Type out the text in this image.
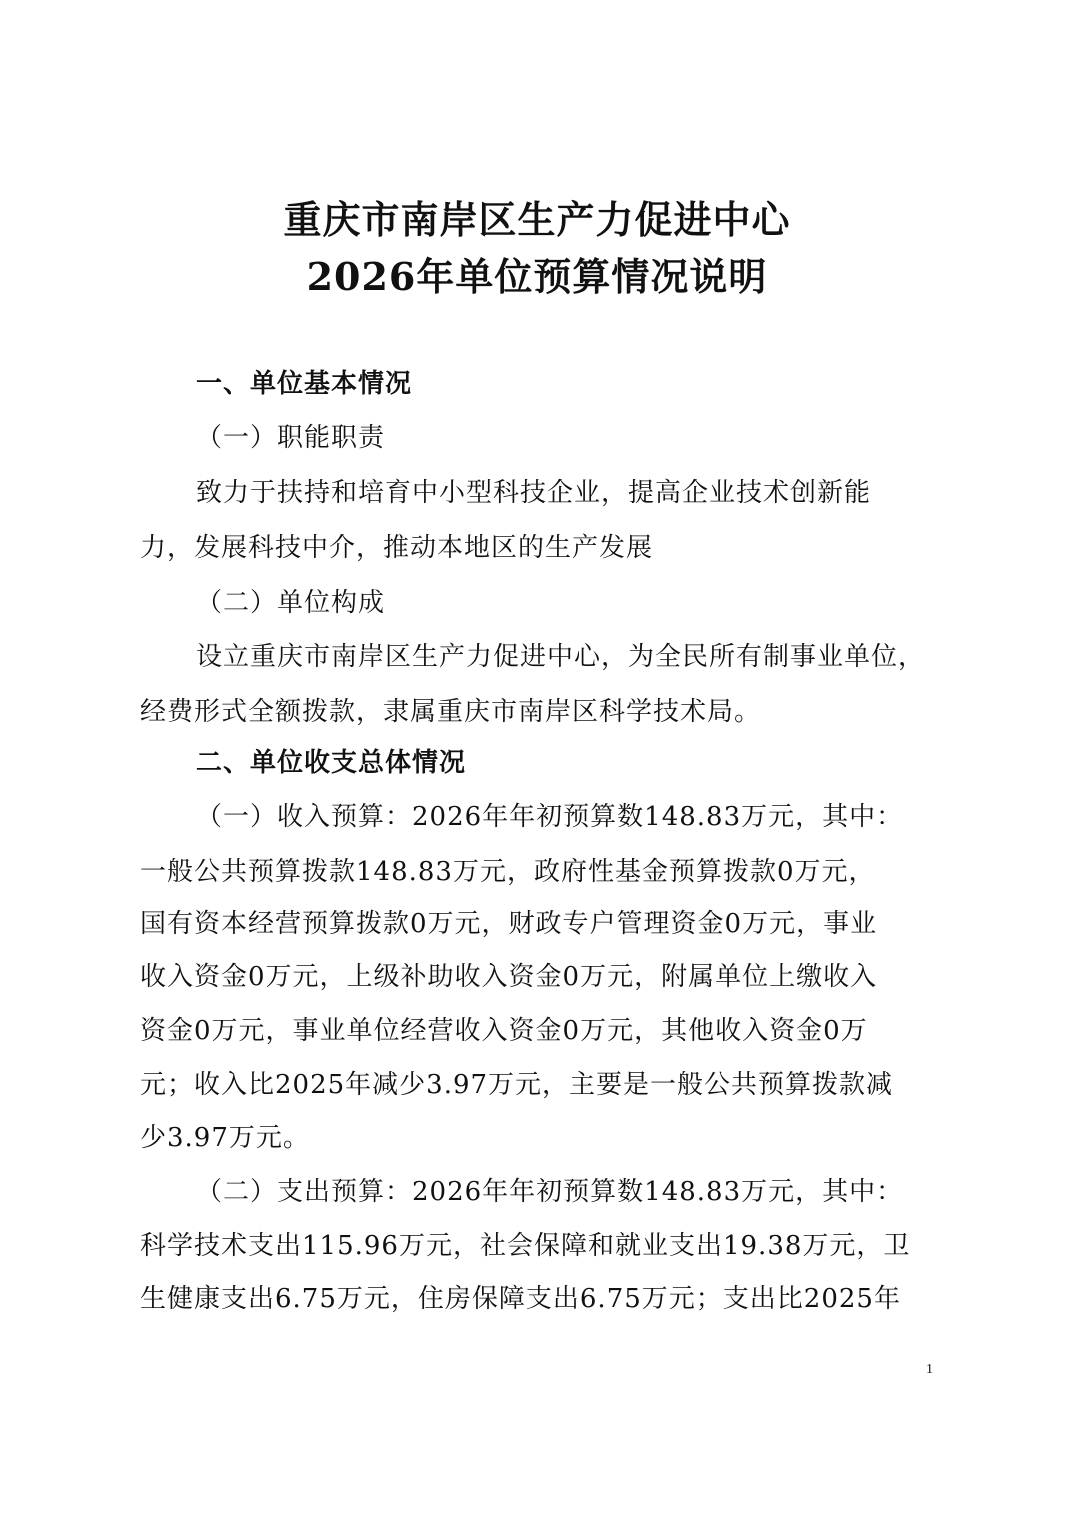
重庆市南岸区生产力促进中心
2026年单位预算情况说明
一、单位基本情况
（一）职能职责
致力于扶持和培育中小型科技企业，提高企业技术创新能
力，发展科技中介，推动本地区的生产发展
（二）单位构成
设立重庆市南岸区生产力促进中心，为全民所有制事业单位，
经费形式全额拨款，隶属重庆市南岸区科学技术局。
二、单位收支总体情况
（一）收入预算：2026年年初预算数148.83万元，其中：
一般公共预算拨款148.83万元，政府性基金预算拨款0万元，
国有资本经营预算拨款0万元，财政专户管理资金0万元，事业
收入资金0万元，上级补助收入资金0万元，附属单位上缴收入
资金0万元，事业单位经营收入资金0万元，其他收入资金0万
元；收入比2025年减少3.97万元，主要是一般公共预算拨款减
少3.97万元。
（二）支出预算：2026年年初预算数148.83万元，其中：
科学技术支出115.96万元，社会保障和就业支出19.38万元，卫
生健康支出6.75万元，住房保障支出6.75万元；支出比2025年
1
